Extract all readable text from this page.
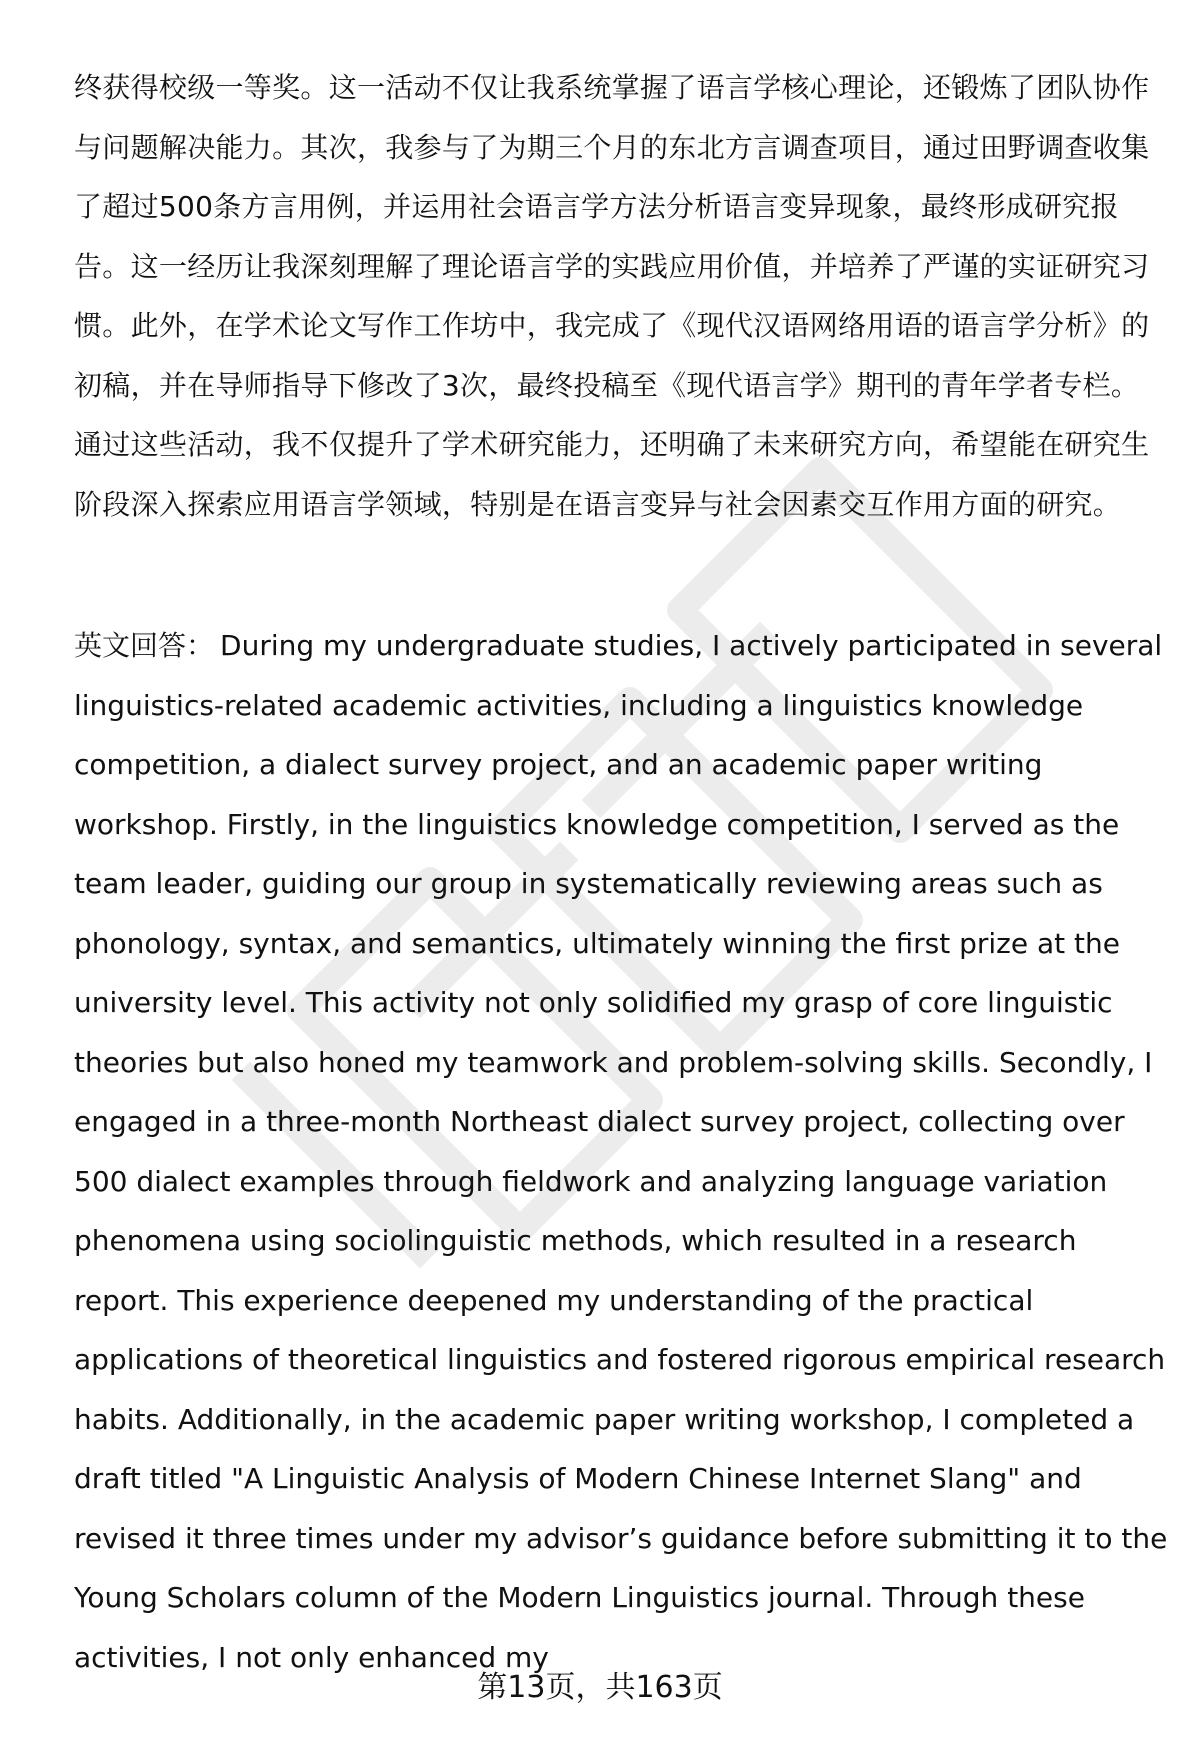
终获得校级一等奖。这一活动不仅让我系统掌握了语言学核心理论，还锻炼了团队协作与问题解决能力。其次，我参与了为期三个月的东北方言调查项目，通过田野调查收集了超过500条方言用例，并运用社会语言学方法分析语言变异现象，最终形成研究报告。这一经历让我深刻理解了理论语言学的实践应用价值，并培养了严谨的实证研究习惯。此外，在学术论文写作工作坊中，我完成了《现代汉语网络用语的语言学分析》的初稿，并在导师指导下修改了3次，最终投稿至《现代语言学》期刊的青年学者专栏。通过这些活动，我不仅提升了学术研究能力，还明确了未来研究方向，希望能在研究生阶段深入探索应用语言学领域，特别是在语言变异与社会因素交互作用方面的研究。

英文回答： During my undergraduate studies, I actively participated in several linguistics-related academic activities, including a linguistics knowledge competition, a dialect survey project, and an academic paper writing workshop. Firstly, in the linguistics knowledge competition, I served as the team leader, guiding our group in systematically reviewing areas such as phonology, syntax, and semantics, ultimately winning the first prize at the university level. This activity not only solidified my grasp of core linguistic theories but also honed my teamwork and problem-solving skills. Secondly, I engaged in a three-month Northeast dialect survey project, collecting over 500 dialect examples through fieldwork and analyzing language variation phenomena using sociolinguistic methods, which resulted in a research report. This experience deepened my understanding of the practical applications of theoretical linguistics and fostered rigorous empirical research habits. Additionally, in the academic paper writing workshop, I completed a draft titled "A Linguistic Analysis of Modern Chinese Internet Slang" and revised it three times under my advisor’s guidance before submitting it to the Young Scholars column of the Modern Linguistics journal. Through these activities, I not only enhanced my

第13页，共163页
